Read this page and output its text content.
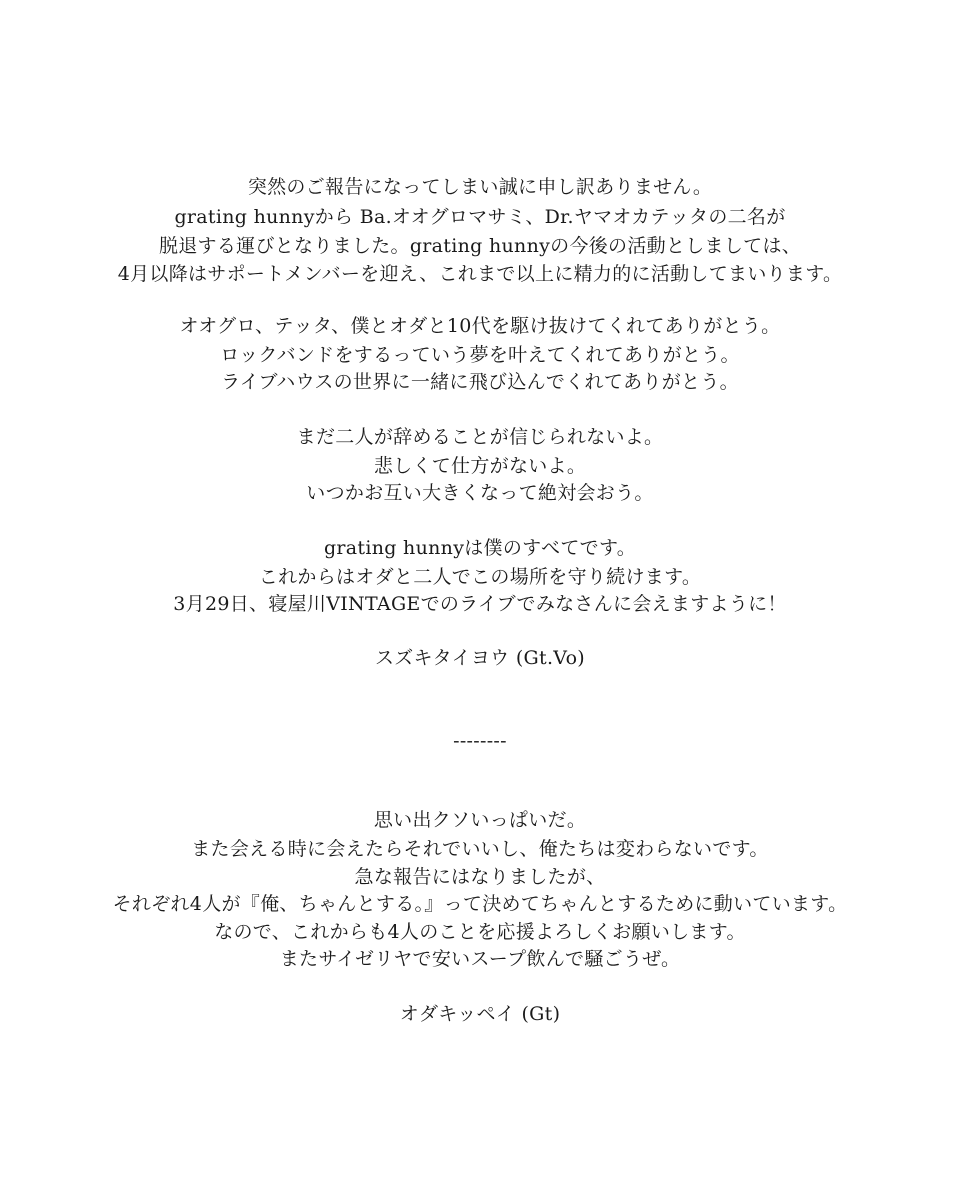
突然のご報告になってしまい誠に申し訳ありません。
grating hunnyから Ba.オオグロマサミ、Dr.ヤマオカテッタの二名が
脱退する運びとなりました。grating hunnyの今後の活動としましては、
4月以降はサポートメンバーを迎え、これまで以上に精力的に活動してまいります。
オオグロ、テッタ、僕とオダと10代を駆け抜けてくれてありがとう。
ロックバンドをするっていう夢を叶えてくれてありがとう。
ライブハウスの世界に一緒に飛び込んでくれてありがとう。
まだ二人が辞めることが信じられないよ。
悲しくて仕方がないよ。
いつかお互い大きくなって絶対会おう。
grating hunnyは僕のすべてです。
これからはオダと二人でこの場所を守り続けます。
3月29日、寝屋川VINTAGEでのライブでみなさんに会えますように！
スズキタイヨウ (Gt.Vo)
--------
思い出クソいっぱいだ。
また会える時に会えたらそれでいいし、俺たちは変わらないです。
急な報告にはなりましたが、
それぞれ4人が『俺、ちゃんとする。』って決めてちゃんとするために動いています。
なので、これからも4人のことを応援よろしくお願いします。
またサイゼリヤで安いスープ飲んで騒ごうぜ。
オダキッペイ (Gt)
